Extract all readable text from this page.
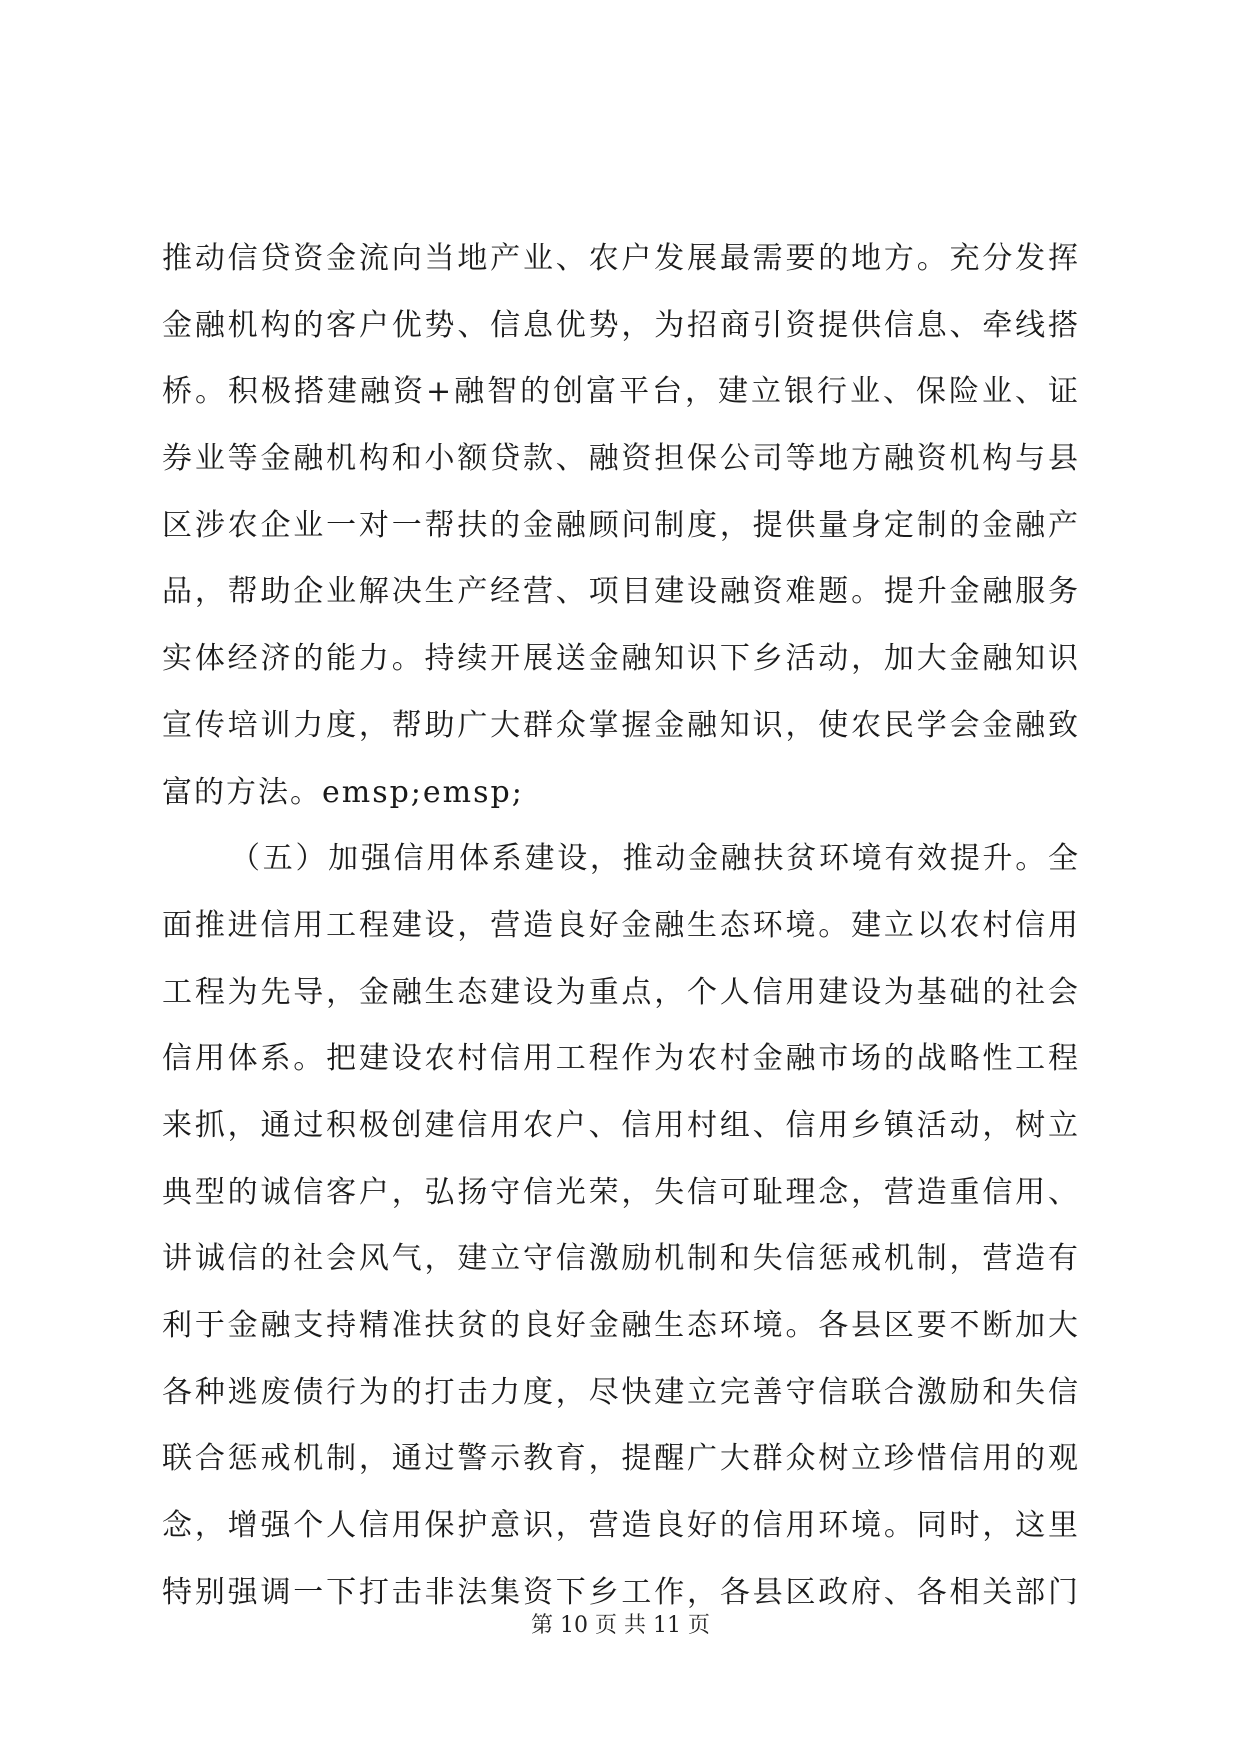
推动信贷资金流向当地产业、农户发展最需要的地方。充分发挥
金融机构的客户优势、信息优势，为招商引资提供信息、牵线搭
桥。积极搭建融资+融智的创富平台，建立银行业、保险业、证
券业等金融机构和小额贷款、融资担保公司等地方融资机构与县
区涉农企业一对一帮扶的金融顾问制度，提供量身定制的金融产
品，帮助企业解决生产经营、项目建设融资难题。提升金融服务
实体经济的能力。持续开展送金融知识下乡活动，加大金融知识
宣传培训力度，帮助广大群众掌握金融知识，使农民学会金融致
富的方法。emsp;emsp;
（五）加强信用体系建设，推动金融扶贫环境有效提升。全
面推进信用工程建设，营造良好金融生态环境。建立以农村信用
工程为先导，金融生态建设为重点，个人信用建设为基础的社会
信用体系。把建设农村信用工程作为农村金融市场的战略性工程
来抓，通过积极创建信用农户、信用村组、信用乡镇活动，树立
典型的诚信客户，弘扬守信光荣，失信可耻理念，营造重信用、
讲诚信的社会风气，建立守信激励机制和失信惩戒机制，营造有
利于金融支持精准扶贫的良好金融生态环境。各县区要不断加大
各种逃废债行为的打击力度，尽快建立完善守信联合激励和失信
联合惩戒机制，通过警示教育，提醒广大群众树立珍惜信用的观
念，增强个人信用保护意识，营造良好的信用环境。同时，这里
特别强调一下打击非法集资下乡工作，各县区政府、各相关部门
第 10 页 共 11 页
